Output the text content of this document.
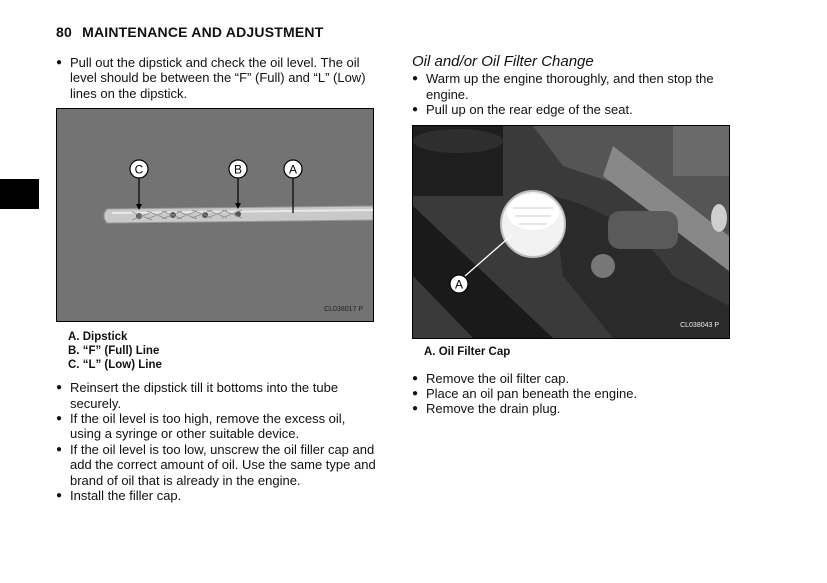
80 MAINTENANCE AND ADJUSTMENT
● Pull out the dipstick and check the oil level. The oil level should be between the “F” (Full) and “L” (Low) lines on the dipstick.
C	B	A
CL038017 P
A. Dipstick
B. “F” (Full) Line
C. “L” (Low) Line
● Reinsert the dipstick till it bottoms into the tube securely.
● If the oil level is too high, remove the excess oil, using a syringe or other suitable device.
● If the oil level is too low, unscrew the oil filler cap and add the correct amount of oil. Use the same type and brand of oil that is already in the engine.
● Install the filler cap.
Oil and/or Oil Filter Change
● Warm up the engine thoroughly, and then stop the engine.
● Pull up on the rear edge of the seat.
A
CL038043 P
A. Oil Filter Cap
● Remove the oil filter cap.
● Place an oil pan beneath the engine.
● Remove the drain plug.
